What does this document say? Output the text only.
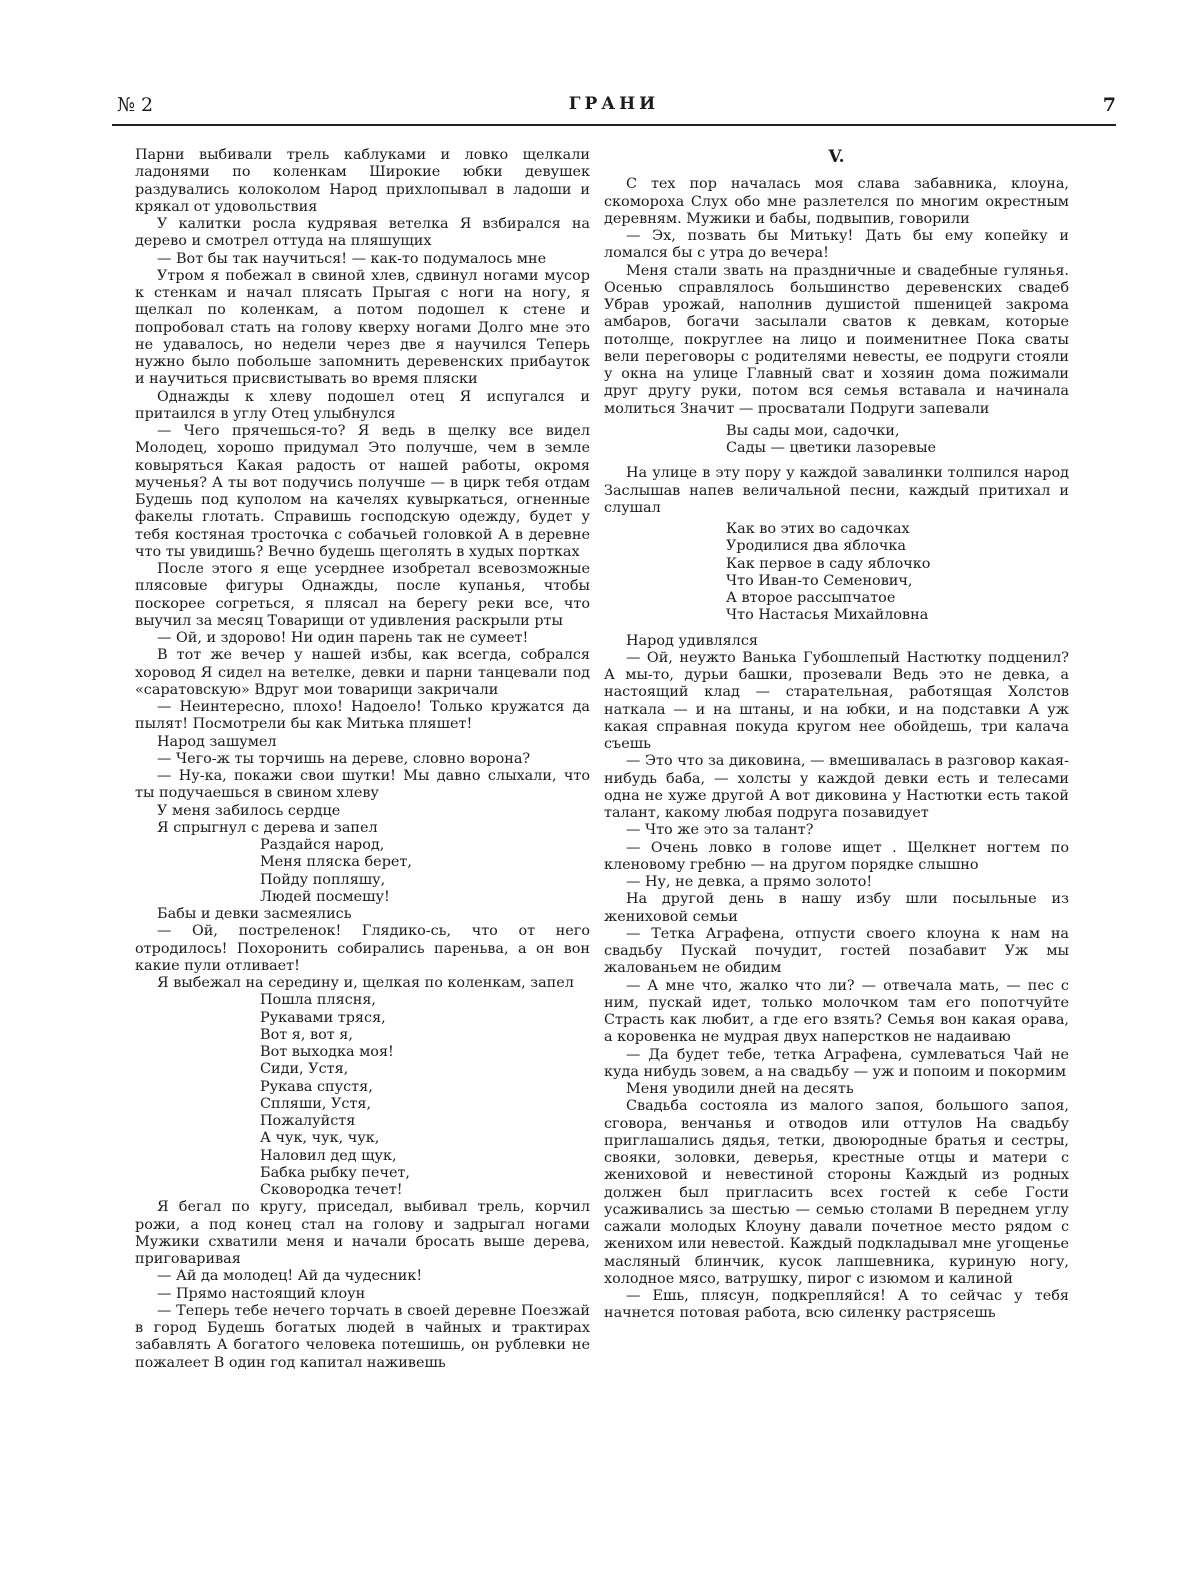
№ 2	ГРАНИ	7

Парни выбивали трель каблуками и ловко щелкали ладонями по коленкам Широкие юбки девушек раздувались колоколом Народ прихлопывал в ладоши и крякал от удовольствия

У калитки росла кудрявая ветелка Я взбирался на дерево и смотрел оттуда на пляшущих

— Вот бы так научиться! — как-то подумалось мне

Утром я побежал в свиной хлев, сдвинул ногами мусор к стенкам и начал плясать Прыгая с ноги на ногу, я щелкал по коленкам, а потом подошел к стене и попробовал стать на голову кверху ногами Долго мне это не удавалось, но недели через две я научился Теперь нужно было побольше запомнить деревенских прибауток и научиться присвистывать во время пляски

Однажды к хлеву подошел отец Я испугался и притаился в углу Отец улыбнулся

— Чего прячешься-то? Я ведь в щелку все видел Молодец, хорошо придумал Это получше, чем в земле ковыряться Какая радость от нашей работы, окромя мученья? А ты вот подучись получше — в цирк тебя отдам Будешь под куполом на качелях кувыркаться, огненные факелы глотать. Справишь господскую одежду, будет у тебя костяная тросточка с собачьей головкой А в деревне что ты увидишь? Вечно будешь щеголять в худых портках

После этого я еще усерднее изобретал всевозможные плясовые фигуры Однажды, после купанья, чтобы поскорее согреться, я плясал на берегу реки все, что выучил за месяц Товарищи от удивления раскрыли рты

— Ой, и здорово! Ни один парень так не сумеет!

В тот же вечер у нашей избы, как всегда, собрался хоровод Я сидел на ветелке, девки и парни танцевали под «саратовскую» Вдруг мои товарищи закричали

— Неинтересно, плохо! Надоело! Только кружатся да пылят! Посмотрели бы как Митька пляшет!

Народ зашумел

— Чего-ж ты торчишь на дереве, словно ворона?

— Ну-ка, покажи свои шутки! Мы давно слыхали, что ты подучаешься в свином хлеву

У меня забилось сердце

Я спрыгнул с дерева и запел

Раздайся народ,
Меня пляска берет,
Пойду попляшу,
Людей посмешу!

Бабы и девки засмеялись

— Ой, постреленок! Глядико-сь, что от него отродилось! Похоронить собирались пареньва, а он вон какие пули отливает!

Я выбежал на середину и, щелкая по коленкам, запел

Пошла плясня,
Рукавами тряся,
Вот я, вот я,
Вот выходка моя!
Сиди, Устя,
Рукава спустя,
Спляши, Устя,
Пожалуйстя
А чук, чук, чук,
Наловил дед щук,
Бабка рыбку печет,
Сковородка течет!

Я бегал по кругу, приседал, выбивал трель, корчил рожи, а под конец стал на голову и задрыгал ногами Мужики схватили меня и начали бросать выше дерева, приговаривая

— Ай да молодец! Ай да чудесник!

— Прямо настоящий клоун

— Теперь тебе нечего торчать в своей деревне Поезжай в город Будешь богатых людей в чайных и трактирах забавлять А богатого человека потешишь, он рублевки не пожалеет В один год капитал наживешь

V.

С тех пор началась моя слава забавника, клоуна, скомороха Слух обо мне разлетелся по многим окрестным деревням. Мужики и бабы, подвыпив, говорили

— Эх, позвать бы Митьку! Дать бы ему копейку и ломался бы с утра до вечера!

Меня стали звать на праздничные и свадебные гулянья. Осенью справлялось большинство деревенских свадеб Убрав урожай, наполнив душистой пшеницей закрома амбаров, богачи засылали сватов к девкам, которые потолще, покруглее на лицо и поименитнее Пока сваты вели переговоры с родителями невесты, ее подруги стояли у окна на улице Главный сват и хозяин дома пожимали друг другу руки, потом вся семья вставала и начинала молиться Значит — просватали Подруги запевали

Вы сады мои, садочки,
Сады — цветики лазоревые

На улице в эту пору у каждой завалинки толпился народ Заслышав напев величальной песни, каждый притихал и слушал

Как во этих во садочках
Уродилися два яблочка
Как первое в саду яблочко
Что Иван-то Семенович,
А второе рассыпчатое
Что Настасья Михайловна

Народ удивлялся

— Ой, неужто Ванька Губошлепый Настютку подценил? А мы-то, дурьи башки, прозевали Ведь это не девка, а настоящий клад — старательная, работящая Холстов наткала — и на штаны, и на юбки, и на подставки А уж какая справная покуда кругом нее обойдешь, три калача съешь

— Это что за диковина, — вмешивалась в разговор какая-нибудь баба, — холсты у каждой девки есть и телесами одна не хуже другой А вот диковина у Настютки есть такой талант, какому любая подруга позавидует

— Что же это за талант?

— Очень ловко в голове ищет . Щелкнет ногтем по кленовому гребню — на другом порядке слышно

— Ну, не девка, а прямо золото!

На другой день в нашу избу шли посыльные из жениховой семьи

— Тетка Аграфена, отпусти своего клоуна к нам на свадьбу Пускай почудит, гостей позабавит Уж мы жалованьем не обидим

— А мне что, жалко что ли? — отвечала мать, — пес с ним, пускай идет, только молочком там его попотчуйте Страсть как любит, а где его взять? Семья вон какая орава, а коровенка не мудрая двух наперстков не надаиваю

— Да будет тебе, тетка Аграфена, сумлеваться Чай не куда нибудь зовем, а на свадьбу — уж и попоим и покормим

Меня уводили дней на десять

Свадьба состояла из малого запоя, большого запоя, сговора, венчанья и отводов или оттулов На свадьбу приглашались дядья, тетки, двоюродные братья и сестры, свояки, золовки, деверья, крестные отцы и матери с жениховой и невестиной стороны Каждый из родных должен был пригласить всех гостей к себе Гости усаживались за шестью — семью столами В переднем углу сажали молодых Клоуну давали почетное место рядом с женихом или невестой. Каждый подкладывал мне угощенье масляный блинчик, кусок лапшевника, куриную ногу, холодное мясо, ватрушку, пирог с изюмом и калиной

— Ешь, плясун, подкрепляйся! А то сейчас у тебя начнется потовая работа, всю силенку растрясешь
